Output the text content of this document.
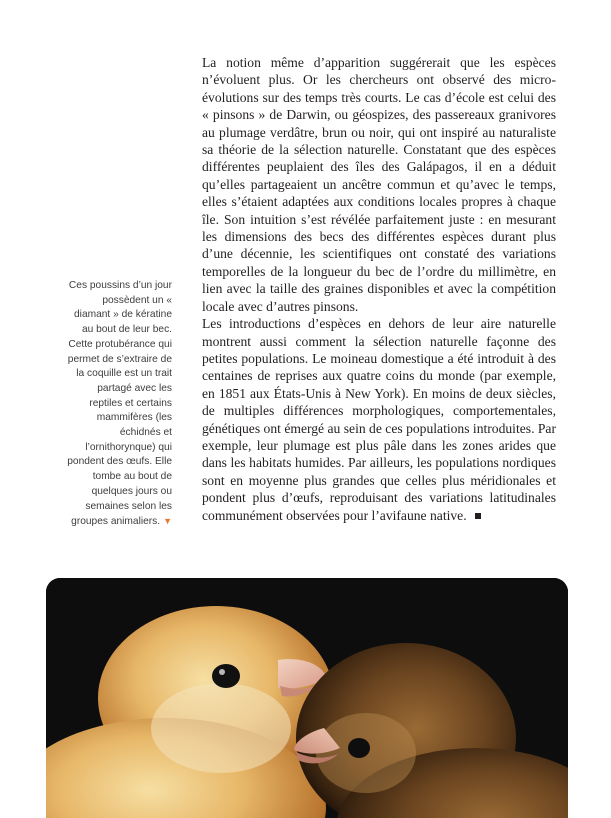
La notion même d’apparition suggérerait que les espèces n’évoluent plus. Or les chercheurs ont observé des micro-évolutions sur des temps très courts. Le cas d’école est celui des « pinsons » de Darwin, ou géospizes, des passereaux granivores au plumage verdâtre, brun ou noir, qui ont inspiré au naturaliste sa théorie de la sélection naturelle. Constatant que des espèces différentes peuplaient des îles des Galápagos, il en a déduit qu’elles partageaient un ancêtre commun et qu’avec le temps, elles s’étaient adaptées aux conditions locales propres à chaque île. Son intuition s’est révélée parfaitement juste : en mesurant les dimensions des becs des différentes espèces durant plus d’une décennie, les scientifiques ont constaté des variations temporelles de la longueur du bec de l’ordre du millimètre, en lien avec la taille des graines disponibles et avec la compétition locale avec d’autres pinsons.

Les introductions d’espèces en dehors de leur aire naturelle montrent aussi comment la sélection naturelle façonne des petites populations. Le moineau domestique a été introduit à des centaines de reprises aux quatre coins du monde (par exemple, en 1851 aux États-Unis à New York). En moins de deux siècles, de multiples différences morphologiques, comportementales, génétiques ont émergé au sein de ces populations introduites. Par exemple, leur plumage est plus pâle dans les zones arides que dans les habitats humides. Par ailleurs, les populations nordiques sont en moyenne plus grandes que celles plus méridionales et pondent plus d’œufs, reproduisant des variations latitudinales communément observées pour l’avifaune native.

Ces poussins d’un jour possèdent un « diamant » de kératine au bout de leur bec. Cette protubérance qui permet de s’extraire de la coquille est un trait partagé avec les reptiles et certains mammifères (les échidnés et l’ornithorynque) qui pondent des œufs. Elle tombe au bout de quelques jours ou semaines selon les groupes animaliers. ▼
